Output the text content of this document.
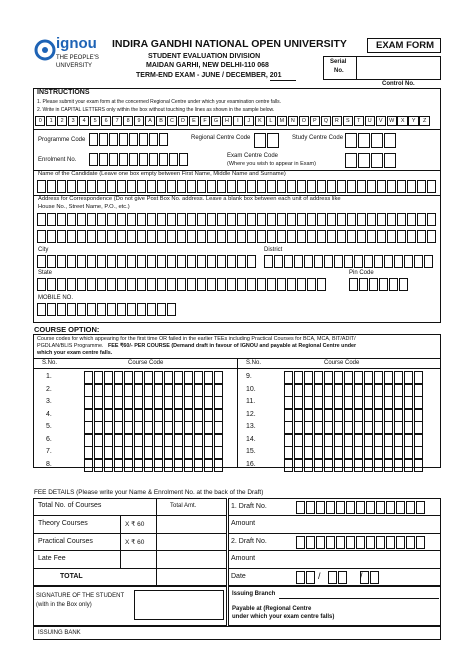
ignou
THE PEOPLE'S
UNIVERSITY
INDIRA GANDHI NATIONAL OPEN UNIVERSITY
STUDENT EVALUATION DIVISION
MAIDAN GARHI, NEW DELHI-110 068
TERM-END EXAM - JUNE / DECEMBER, 201
EXAM FORM
Serial
No.
Control No.
INSTRUCTIONS
1. Please submit your exam form at the concerned Regional Centre under which your examination centre falls.
2. Write in CAPITAL LETTERS only within the box without touching the lines as shown in the sample below.
0	1	2	3	4	5	6	7	8	9	A	B	C	D	E	F	G	H	I	J	K	L	M	N	O	P	Q	R	S	T	U	V	W	X	Y	Z
Programme Code	Regional Centre Code	Study Centre Code
Enrolment No.
Exam Centre Code
(Where you wish to appear in Exam)
Name of the Candidate (Leave one box empty between First Name, Middle Name and Surname)
Address for Correspondence (Do not give Post Box No. address. Leave a blank box between each unit of address like
House No., Street Name, P.O., etc.)
City	District
State	Pin Code
MOBILE NO.
COURSE OPTION:
Course codes for which appearing for the first time OR failed in the earlier TEEs including Practical Courses for BCA, MCA, BIT/ADIT/
PGDLAN/BLIS Programme. FEE ₹60/- PER COURSE (Demand draft in favour of IGNOU and payable at Regional Centre under
which your exam centre falls.
S.No.	Course Code	S.No.	Course Code
1.	9.
2.	10.
3.	11.
4.	12.
5.	13.
6.	14.
7.	15.
8.	16.
FEE DETAILS (Please write your Name & Enrolment No. at the back of the Draft)
Total No. of Courses	Total Amt.
Theory Courses	X ₹ 60
Practical Courses	X ₹ 60
Late Fee
TOTAL
1. Draft No.
Amount
2. Draft No.
Amount
SIGNATURE OF THE STUDENT
(with in the Box only)
Issuing Branch
Payable at (Regional Centre
under which your exam centre falls)
ISSUING BANK
Date	/	/
